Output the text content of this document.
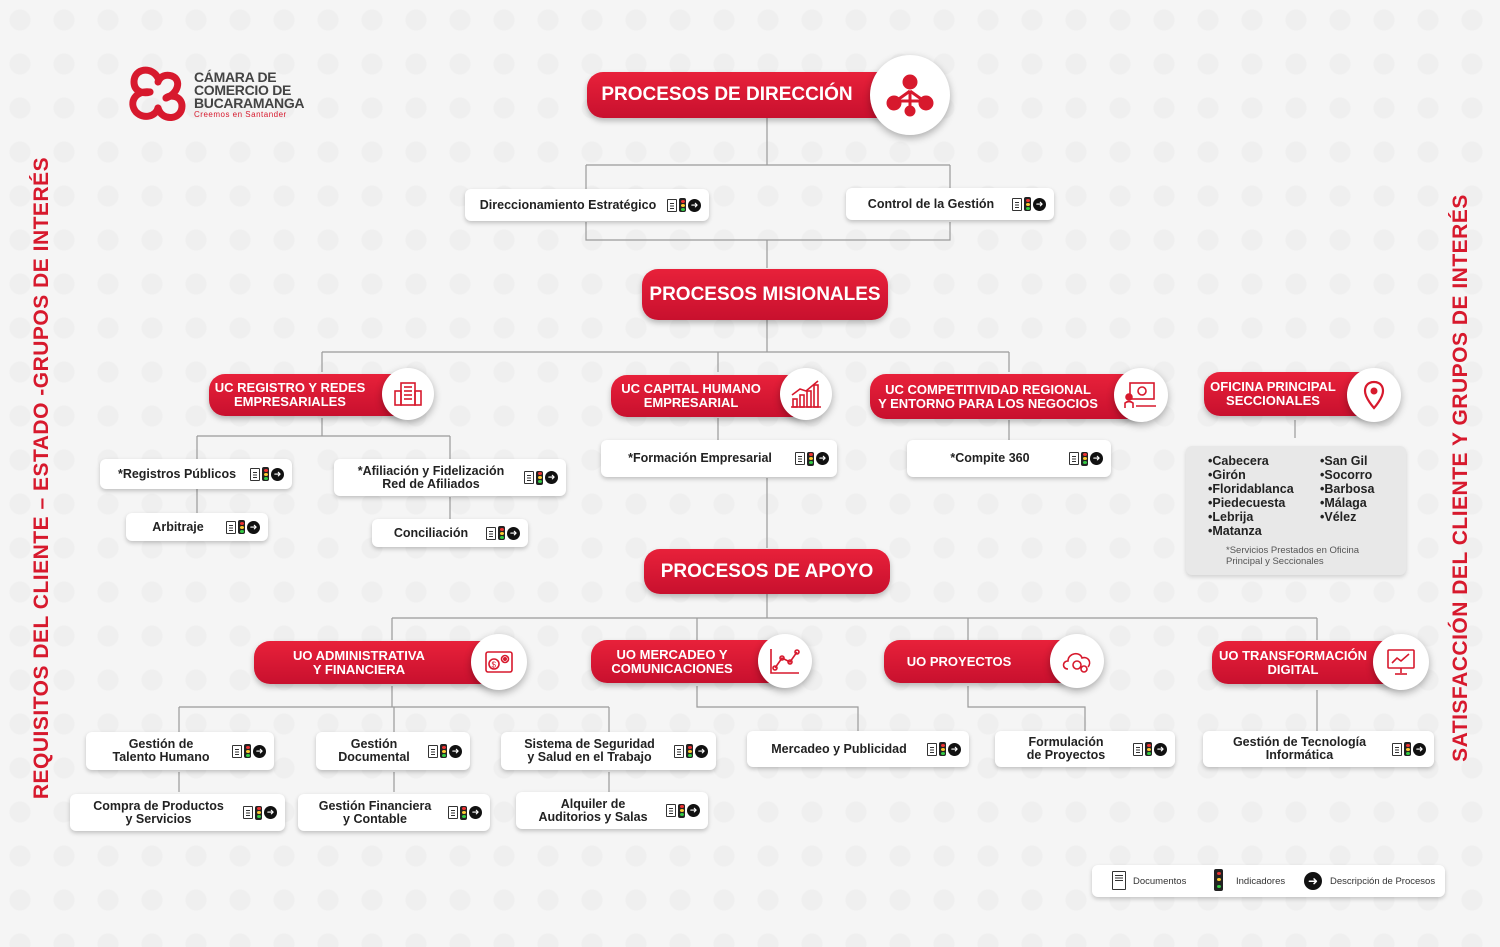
REQUISITOS DEL CLIENTE – ESTADO -GRUPOS DE INTERÉS	SATISFACCIÓN DEL CLIENTE Y GRUPOS DE INTERÉS
CÁMARA DE
COMERCIO DE
BUCARAMANGA
Creemos en Santander
PROCESOS DE DIRECCIÓN
Direccionamiento Estratégico	➜	Control de la Gestión	➜
PROCESOS MISIONALES
UC REGISTRO Y REDES
EMPRESARIALES
UC CAPITAL HUMANO
EMPRESARIAL
UC COMPETITIVIDAD REGIONAL
Y ENTORNO PARA LOS NEGOCIOS
OFICINA PRINCIPAL
SECCIONALES
*Registros Públicos	➜
Arbitraje	➜
*Afiliación y Fidelización
Red de Afiliados	➜
Conciliación	➜
*Formación Empresarial	➜	*Compite 360	➜	•Cabecera
•Girón
•Floridablanca
•Piedecuesta
•Lebrija
•Matanza
•San Gil
•Socorro
•Barbosa
•Málaga
•Vélez
*Servicios Prestados en Oficina Principal y Seccionales
PROCESOS DE APOYO
UO ADMINISTRATIVA
Y FINANCIERA	$
UO MERCADEO Y
COMUNICACIONES	UO PROYECTOS	UO TRANSFORMACIÓN
DIGITAL
Gestión de
Talento Humano	➜	Gestión
Documental	➜	Sistema de Seguridad
y Salud en el Trabajo	➜
Compra de Productos
y Servicios	➜	Gestión Financiera
y Contable	➜
Alquiler de
Auditorios y Salas	➜
Mercadeo y Publicidad	➜	Formulación
de Proyectos	➜	Gestión de Tecnología
Informática	➜
Documentos	Indicadores	➜	Descripción de Procesos
